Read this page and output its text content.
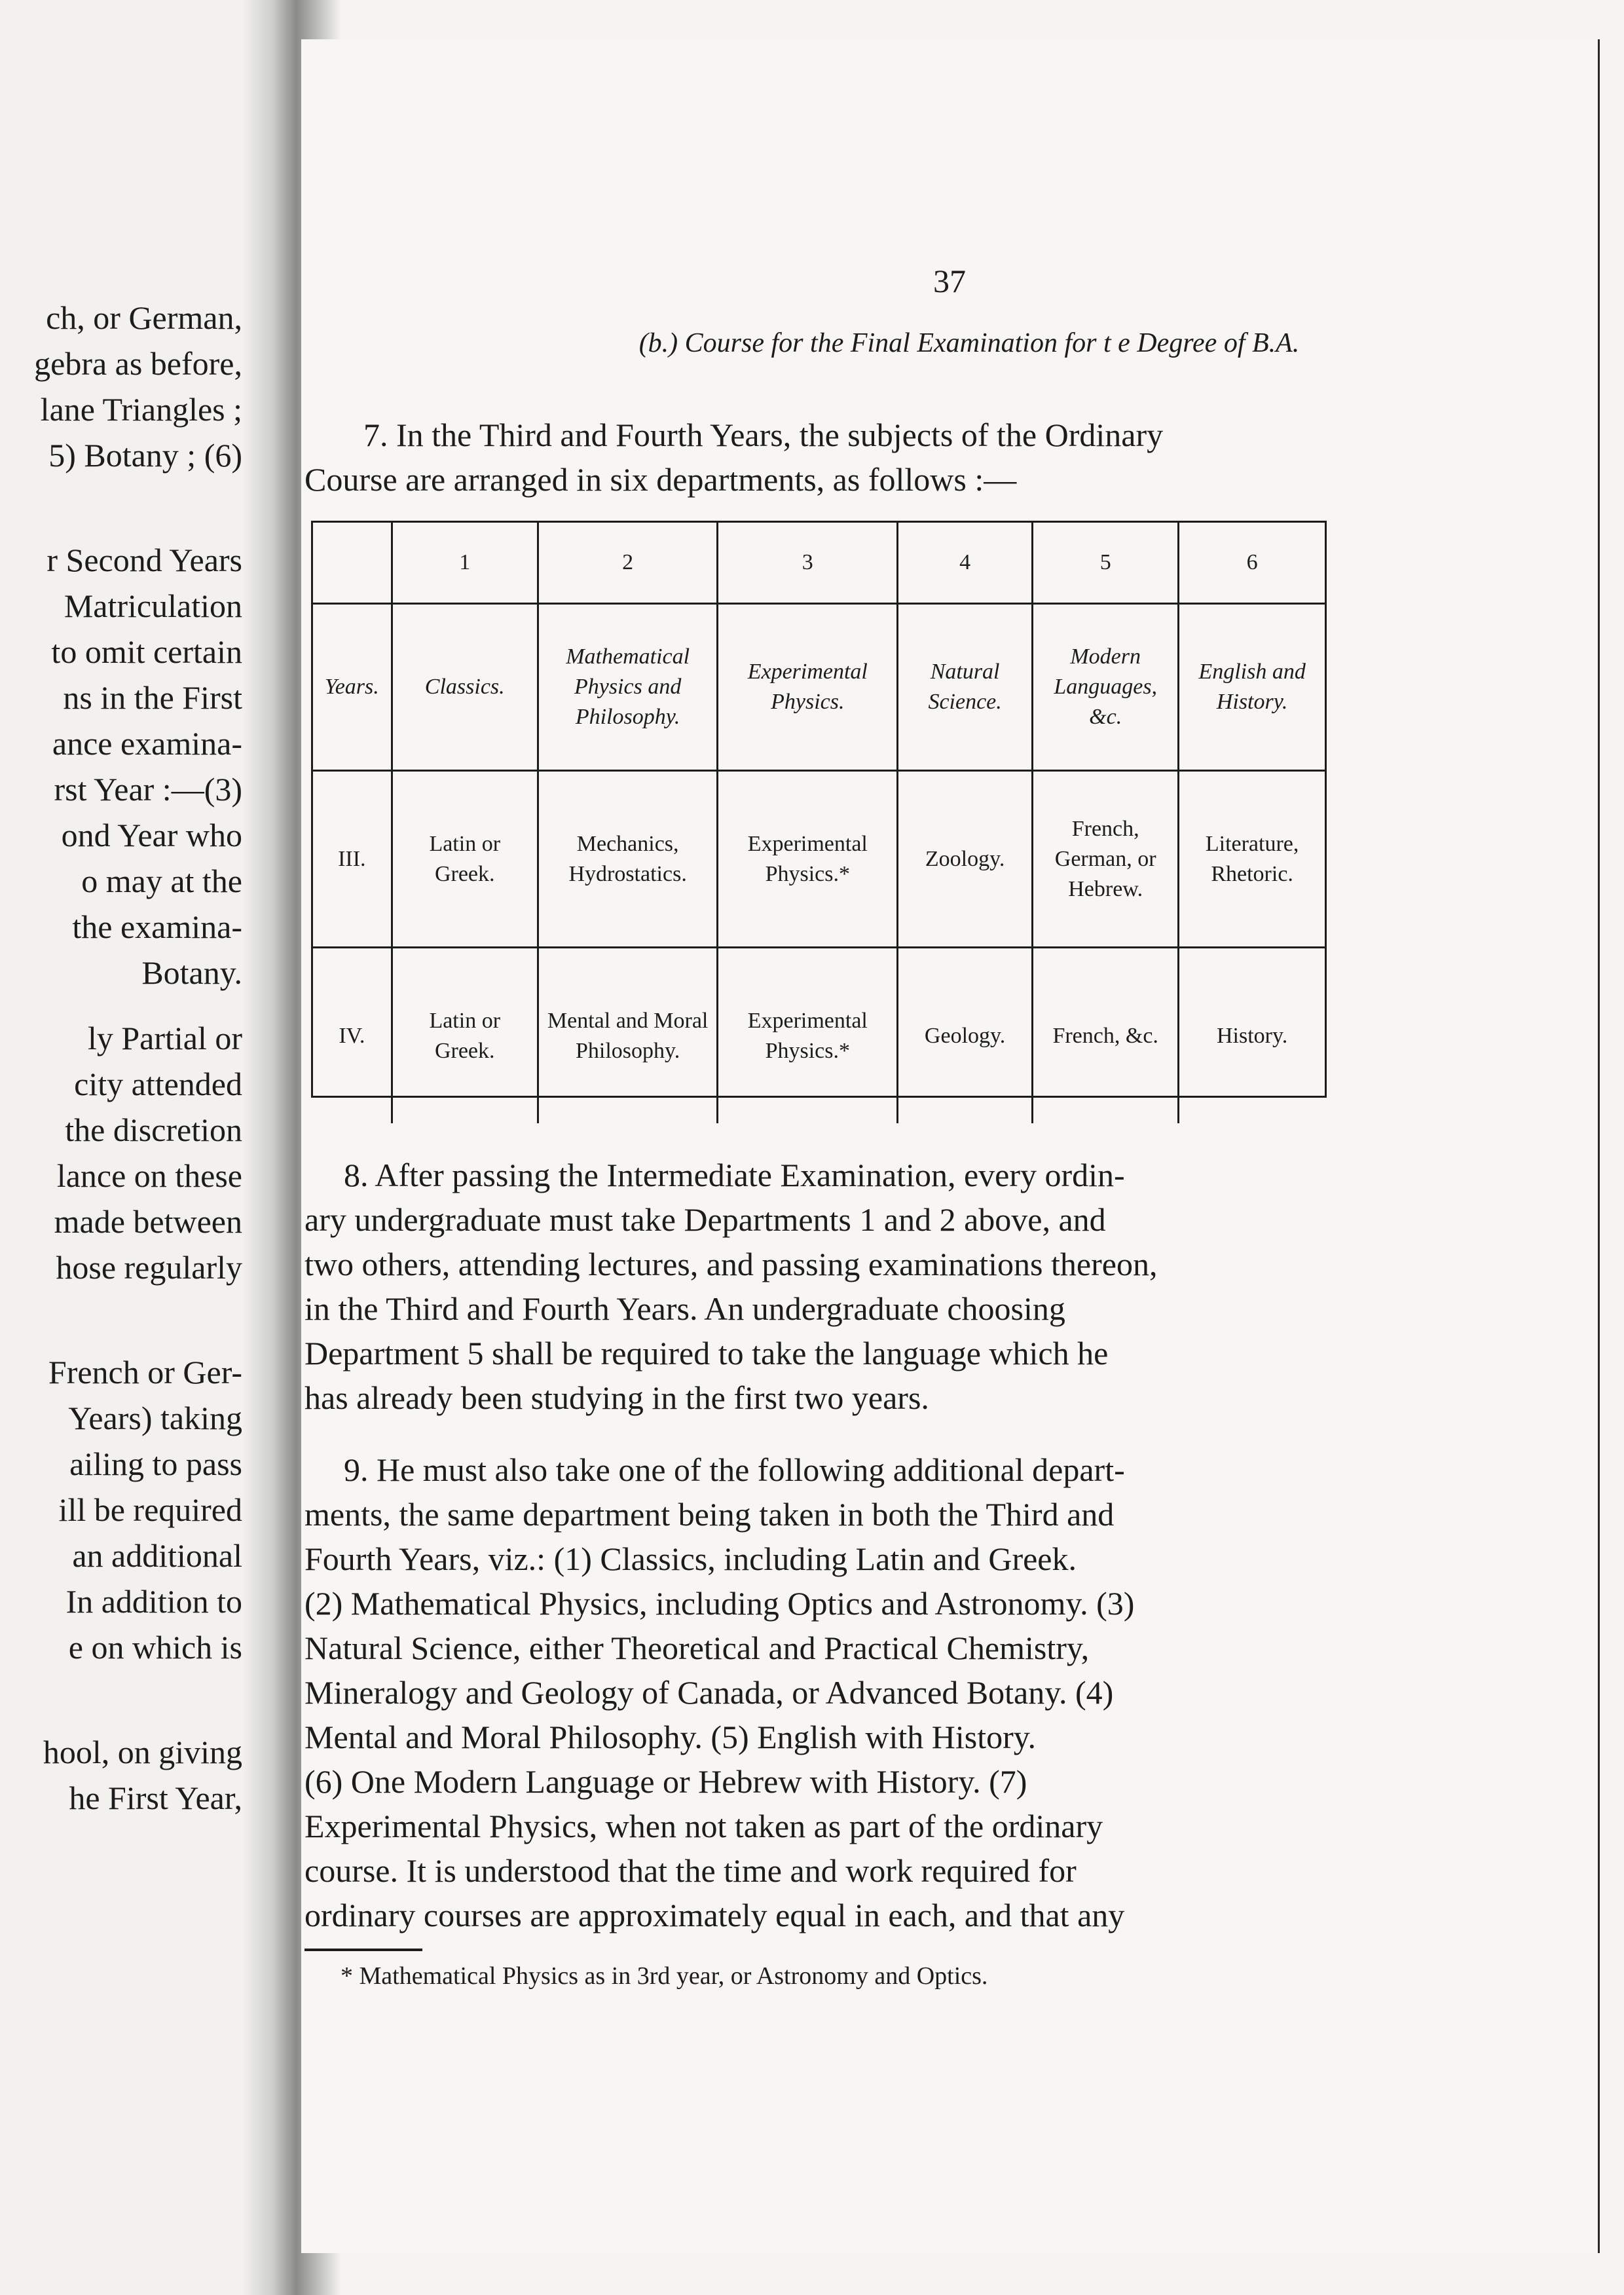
ch, or German,
gebra as before,
lane Triangles ;
5) Botany ; (6)
r Second Years
Matriculation
to omit certain
ns in the First
ance examina-
rst Year :—(3)
ond Year who
o may at the
the examina-
Botany.
ly Partial or
city attended
the discretion
lance on these
made between
hose regularly
French or Ger-
Years) taking
ailing to pass
ill be required
an additional
In addition to
e on which is
hool, on giving
he First Year,
37
(b.) Course for the Final Examination for t e Degree of B.A.
7. In the Third and Fourth Years, the subjects of the Ordinary
Course are arranged in six departments, as follows :—
	1	2	3	4	5	6
Years.	Classics.	Mathematical Physics and Philosophy.	Experimental Physics.	Natural Science.	Modern Languages, &c.	English and History.
III.	Latin or Greek.	Mechanics, Hydrostatics.	Experimental Physics.*	Zoology.	French, German, or Hebrew.	Literature, Rhetoric.
IV.	Latin or Greek.	Mental and Moral Philosophy.	Experimental Physics.*	Geology.	French, &c.	History.
8. After passing the Intermediate Examination, every ordin-
ary undergraduate must take Departments 1 and 2 above, and
two others, attending lectures, and passing examinations thereon,
in the Third and Fourth Years. An undergraduate choosing
Department 5 shall be required to take the language which he
has already been studying in the first two years.
9. He must also take one of the following additional depart-
ments, the same department being taken in both the Third and
Fourth Years, viz.: (1) Classics, including Latin and Greek.
(2) Mathematical Physics, including Optics and Astronomy. (3)
Natural Science, either Theoretical and Practical Chemistry,
Mineralogy and Geology of Canada, or Advanced Botany. (4)
Mental and Moral Philosophy. (5) English with History.
(6) One Modern Language or Hebrew with History. (7)
Experimental Physics, when not taken as part of the ordinary
course. It is understood that the time and work required for
ordinary courses are approximately equal in each, and that any
* Mathematical Physics as in 3rd year, or Astronomy and Optics.
